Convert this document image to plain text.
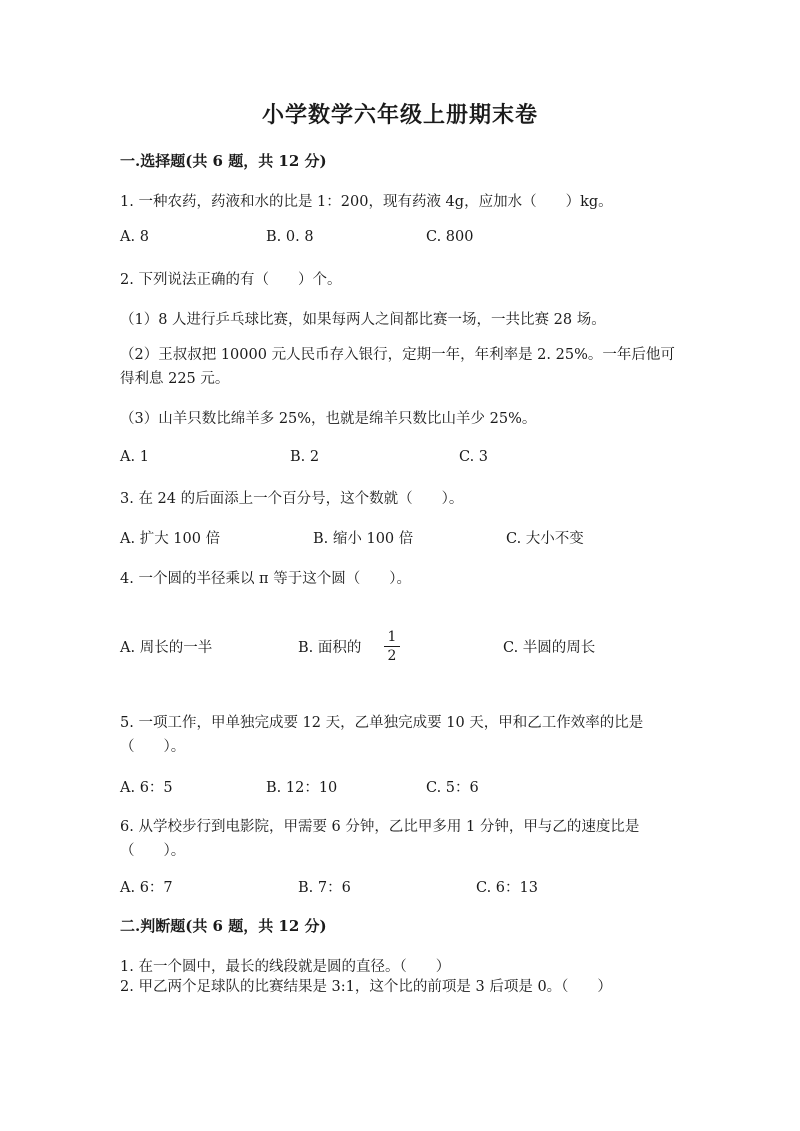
小学数学六年级上册期末卷
一.选择题(共 6 题，共 12 分)
1. 一种农药，药液和水的比是 1：200，现有药液 4g，应加水（　　）kg。
A. 8	B. 0. 8	C. 800
2. 下列说法正确的有（　　）个。
（1）8 人进行乒乓球比赛，如果每两人之间都比赛一场，一共比赛 28 场。
（2）王叔叔把 10000 元人民币存入银行，定期一年，年利率是 2. 25%。一年后他可得利息 225 元。
（3）山羊只数比绵羊多 25%，也就是绵羊只数比山羊少 25%。
A. 1	B. 2	C. 3
3. 在 24 的后面添上一个百分号，这个数就（　　）。
A. 扩大 100 倍	B. 缩小 100 倍	C. 大小不变
4. 一个圆的半径乘以 π 等于这个圆（　　）。
A. 周长的一半	B. 面积的
1
2	C. 半圆的周长
5. 一项工作，甲单独完成要 12 天，乙单独完成要 10 天，甲和乙工作效率的比是（　　）。
A. 6：5	B. 12：10	C. 5：6
6. 从学校步行到电影院，甲需要 6 分钟，乙比甲多用 1 分钟，甲与乙的速度比是（　　）。
A. 6：7	B. 7：6	C. 6：13
二.判断题(共 6 题，共 12 分)
1. 在一个圆中，最长的线段就是圆的直径。（　　）
2. 甲乙两个足球队的比赛结果是 3:1，这个比的前项是 3 后项是 0。（　　）
